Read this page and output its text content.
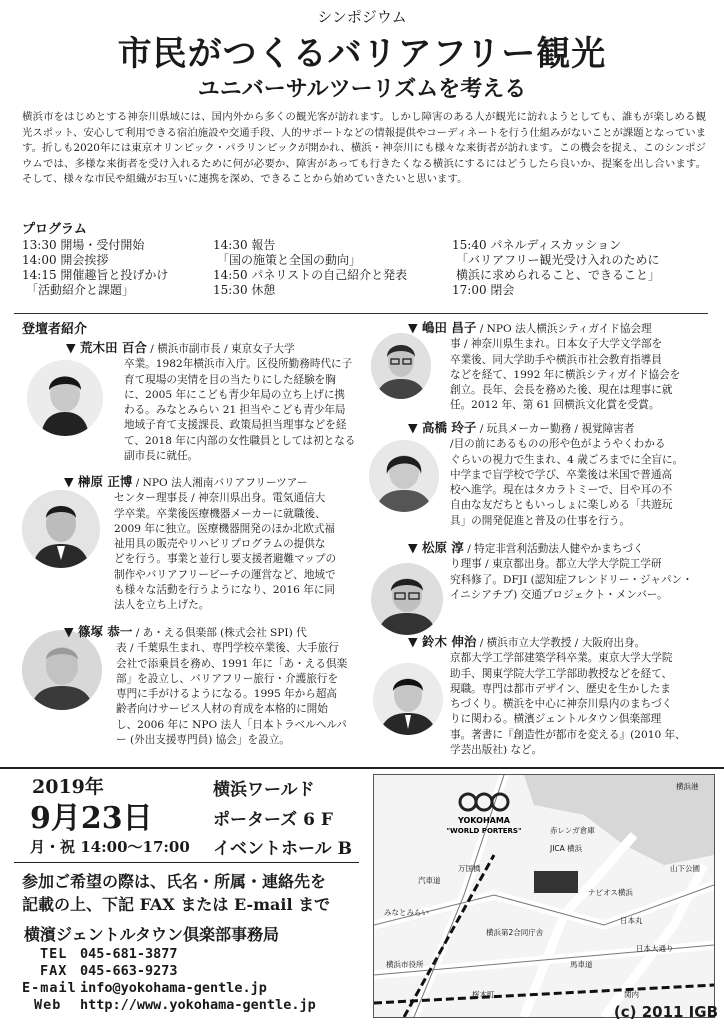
シンポジウム
市民がつくるバリアフリー観光
ユニバーサルツーリズムを考える
横浜市をはじめとする神奈川県域には、国内外から多くの観光客が訪れます。しかし障害のある人が観光に訪れようとしても、誰もが楽しめる観光スポット、安心して利用できる宿泊施設や交通手段、人的サポートなどの情報提供やコーディネートを行う仕組みがないことが課題となっています。折しも2020年には東京オリンピック・パラリンピックが開かれ、横浜・神奈川にも様々な来街者が訪れます。この機会を捉え、このシンポジウムでは、多様な来街者を受け入れるために何が必要か、障害があっても行きたくなる横浜にするにはどうしたら良いか、提案を出し合います。そして、様々な市民や組織がお互いに連携を深め、できることから始めていきたいと思います。
プログラム
13:30 開場・受付開始
14:00 開会挨拶
14:15 開催趣旨と投げかけ
「活動紹介と課題」
14:30 報告
「国の施策と全国の動向」
14:50 パネリストの自己紹介と発表
15:30 休憩
15:40 パネルディスカッション
「バリアフリー観光受け入れのために
横浜に求められること、できること」
17:00 閉会
登壇者紹介
▼ 荒木田 百合 / 横浜市副市長 / 東京女子大学
卒業。1982年横浜市入庁。区役所勤務時代に子
育て現場の実情を目の当たりにした経験を胸
に、2005 年にこども青少年局の立ち上げに携
わる。みなとみらい 21 担当やこども青少年局
地域子育て支援課長、政策局担当理事などを経
て、2018 年に内部の女性職員としては初となる
副市長に就任。
▼ 榊原 正博 / NPO 法人湘南バリアフリーツアー
センター理事長 / 神奈川県出身。電気通信大
学卒業。卒業後医療機器メーカーに就職後、
2009 年に独立。医療機器開発のほか北欧式福
祉用具の販売やリハビリプログラムの提供な
どを行う。事業と並行し要支援者避難マップの
制作やバリアフリービーチの運営など、地域で
も様々な活動を行うようになり、2016 年に同
法人を立ち上げた。
▼ 篠塚 恭一 / あ・える倶楽部 (株式会社 SPI) 代
表 / 千葉県生まれ、専門学校卒業後、大手旅行
会社で添乗員を務め、1991 年に「あ・える倶楽
部」を設立し、バリアフリー旅行・介護旅行を
専門に手がけるようになる。1995 年から超高
齢者向けサービス人材の育成を本格的に開始
し、2006 年に NPO 法人「日本トラベルヘルパ
ー (外出支援専門員) 協会」を設立。
▼ 嶋田 昌子 / NPO 法人横浜シティガイド協会理
事 / 神奈川県生まれ。日本女子大学文学部を
卒業後、同大学助手や横浜市社会教育指導員
などを経て、1992 年に横浜シティガイド協会を
創立。長年、会長を務めた後、現在は理事に就
任。2012 年、第 61 回横浜文化賞を受賞。
▼ 高橋 玲子 / 玩具メーカー勤務 / 視覚障害者
/目の前にあるものの形や色がようやくわかる
ぐらいの視力で生まれ、4 歳ごろまでに全盲に。
中学まで盲学校で学び、卒業後は米国で普通高
校へ進学。現在はタカラトミーで、目や耳の不
自由な友だちともいっしょに楽しめる「共遊玩
具」の開発促進と普及の仕事を行う。
▼ 松原 淳 / 特定非営利活動法人健やかまちづく
り理事 / 東京都出身。都立大学大学院工学研
究科修了。DFJI (認知症フレンドリー・ジャパン・
イニシアチブ) 交通プロジェクト・メンバー。
▼ 鈴木 伸治 / 横浜市立大学教授 / 大阪府出身。
京都大学工学部建築学科卒業。東京大学大学院
助手、関東学院大学工学部助教授などを経て、
現職。専門は都市デザイン、歴史を生かしたま
ちづくり。横浜を中心に神奈川県内のまちづく
りに関わる。横濱ジェントルタウン倶楽部理
事。著書に『創造性が都市を変える』(2010 年、
学芸出版社) など。
2019年
9月23日
月・祝 14:00〜17:00
横浜ワールド
ポーターズ 6 F
イベントホール B
参加ご希望の際は、氏名・所属・連絡先を
記載の上、下記 FAX または E-mail まで
横濱ジェントルタウン倶楽部事務局
TEL 045-681-3877
FAX 045-663-9273
E-mail info@yokohama-gentle.jp
Web http://www.yokohama-gentle.jp
YOKOHAMA
"WORLD PORTERS"
横浜港
赤レンガ倉庫
汽車道
万国橋
ナビオス横浜
日本丸
馬車道
関内
桜木町
みなとみらい
JICA 横浜
山下公園
横浜第2合同庁舎
日本大通り
横浜市役所
(c) 2011 IGB
